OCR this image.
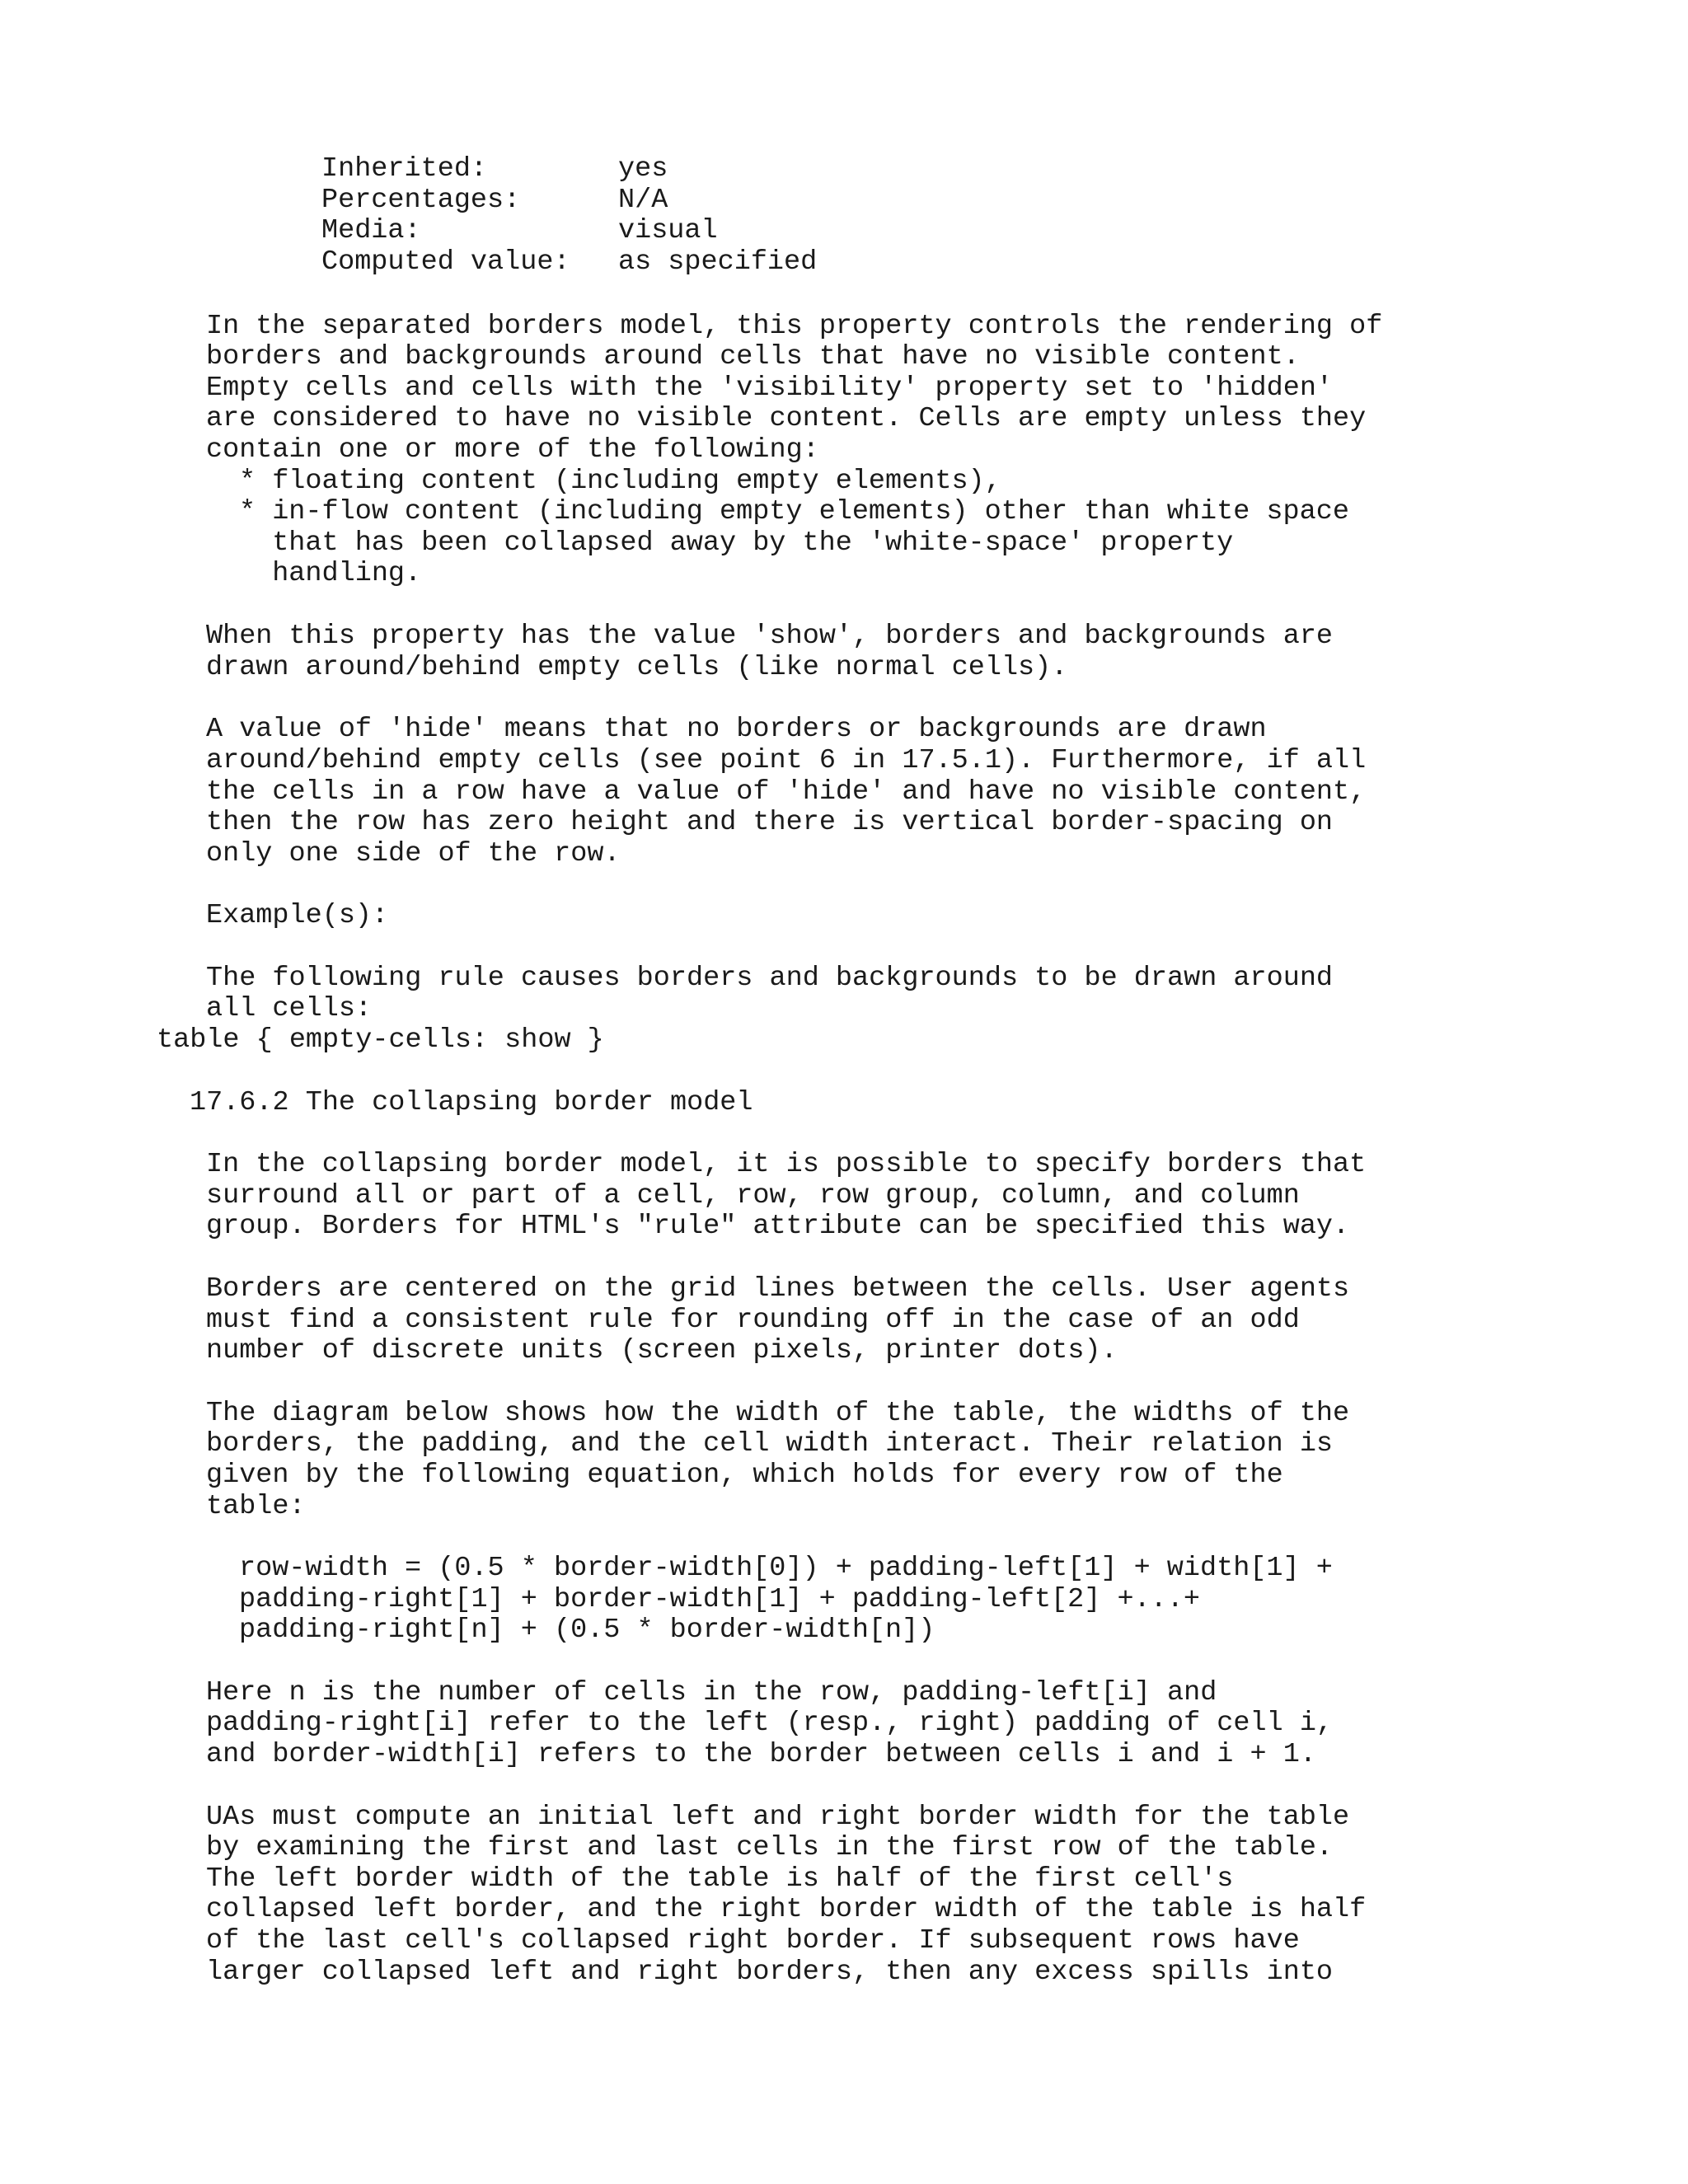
Inherited:	yes
Percentages:	N/A
Media:	visual
Computed value: as specified
In the separated borders model, this property controls the rendering of
borders and backgrounds around cells that have no visible content.
Empty cells and cells with the 'visibility' property set to 'hidden'
are considered to have no visible content. Cells are empty unless they
contain one or more of the following:
* floating content (including empty elements),
* in-flow content (including empty elements) other than white space
that has been collapsed away by the 'white-space' property
handling.
When this property has the value 'show', borders and backgrounds are
drawn around/behind empty cells (like normal cells).
A value of 'hide' means that no borders or backgrounds are drawn
around/behind empty cells (see point 6 in 17.5.1). Furthermore, if all
the cells in a row have a value of 'hide' and have no visible content,
then the row has zero height and there is vertical border-spacing on
only one side of the row.
Example(s):
The following rule causes borders and backgrounds to be drawn around
all cells:
table { empty-cells: show }
17.6.2 The collapsing border model
In the collapsing border model, it is possible to specify borders that
surround all or part of a cell, row, row group, column, and column
group. Borders for HTML's "rule" attribute can be specified this way.
Borders are centered on the grid lines between the cells. User agents
must find a consistent rule for rounding off in the case of an odd
number of discrete units (screen pixels, printer dots).
The diagram below shows how the width of the table, the widths of the
borders, the padding, and the cell width interact. Their relation is
given by the following equation, which holds for every row of the
table:
row-width = (0.5 * border-width[0]) + padding-left[1] + width[1] +
padding-right[1] + border-width[1] + padding-left[2] +...+
padding-right[n] + (0.5 * border-width[n])
Here n is the number of cells in the row, padding-left[i] and
padding-right[i] refer to the left (resp., right) padding of cell i,
and border-width[i] refers to the border between cells i and i + 1.
UAs must compute an initial left and right border width for the table
by examining the first and last cells in the first row of the table.
The left border width of the table is half of the first cell's
collapsed left border, and the right border width of the table is half
of the last cell's collapsed right border. If subsequent rows have
larger collapsed left and right borders, then any excess spills into
